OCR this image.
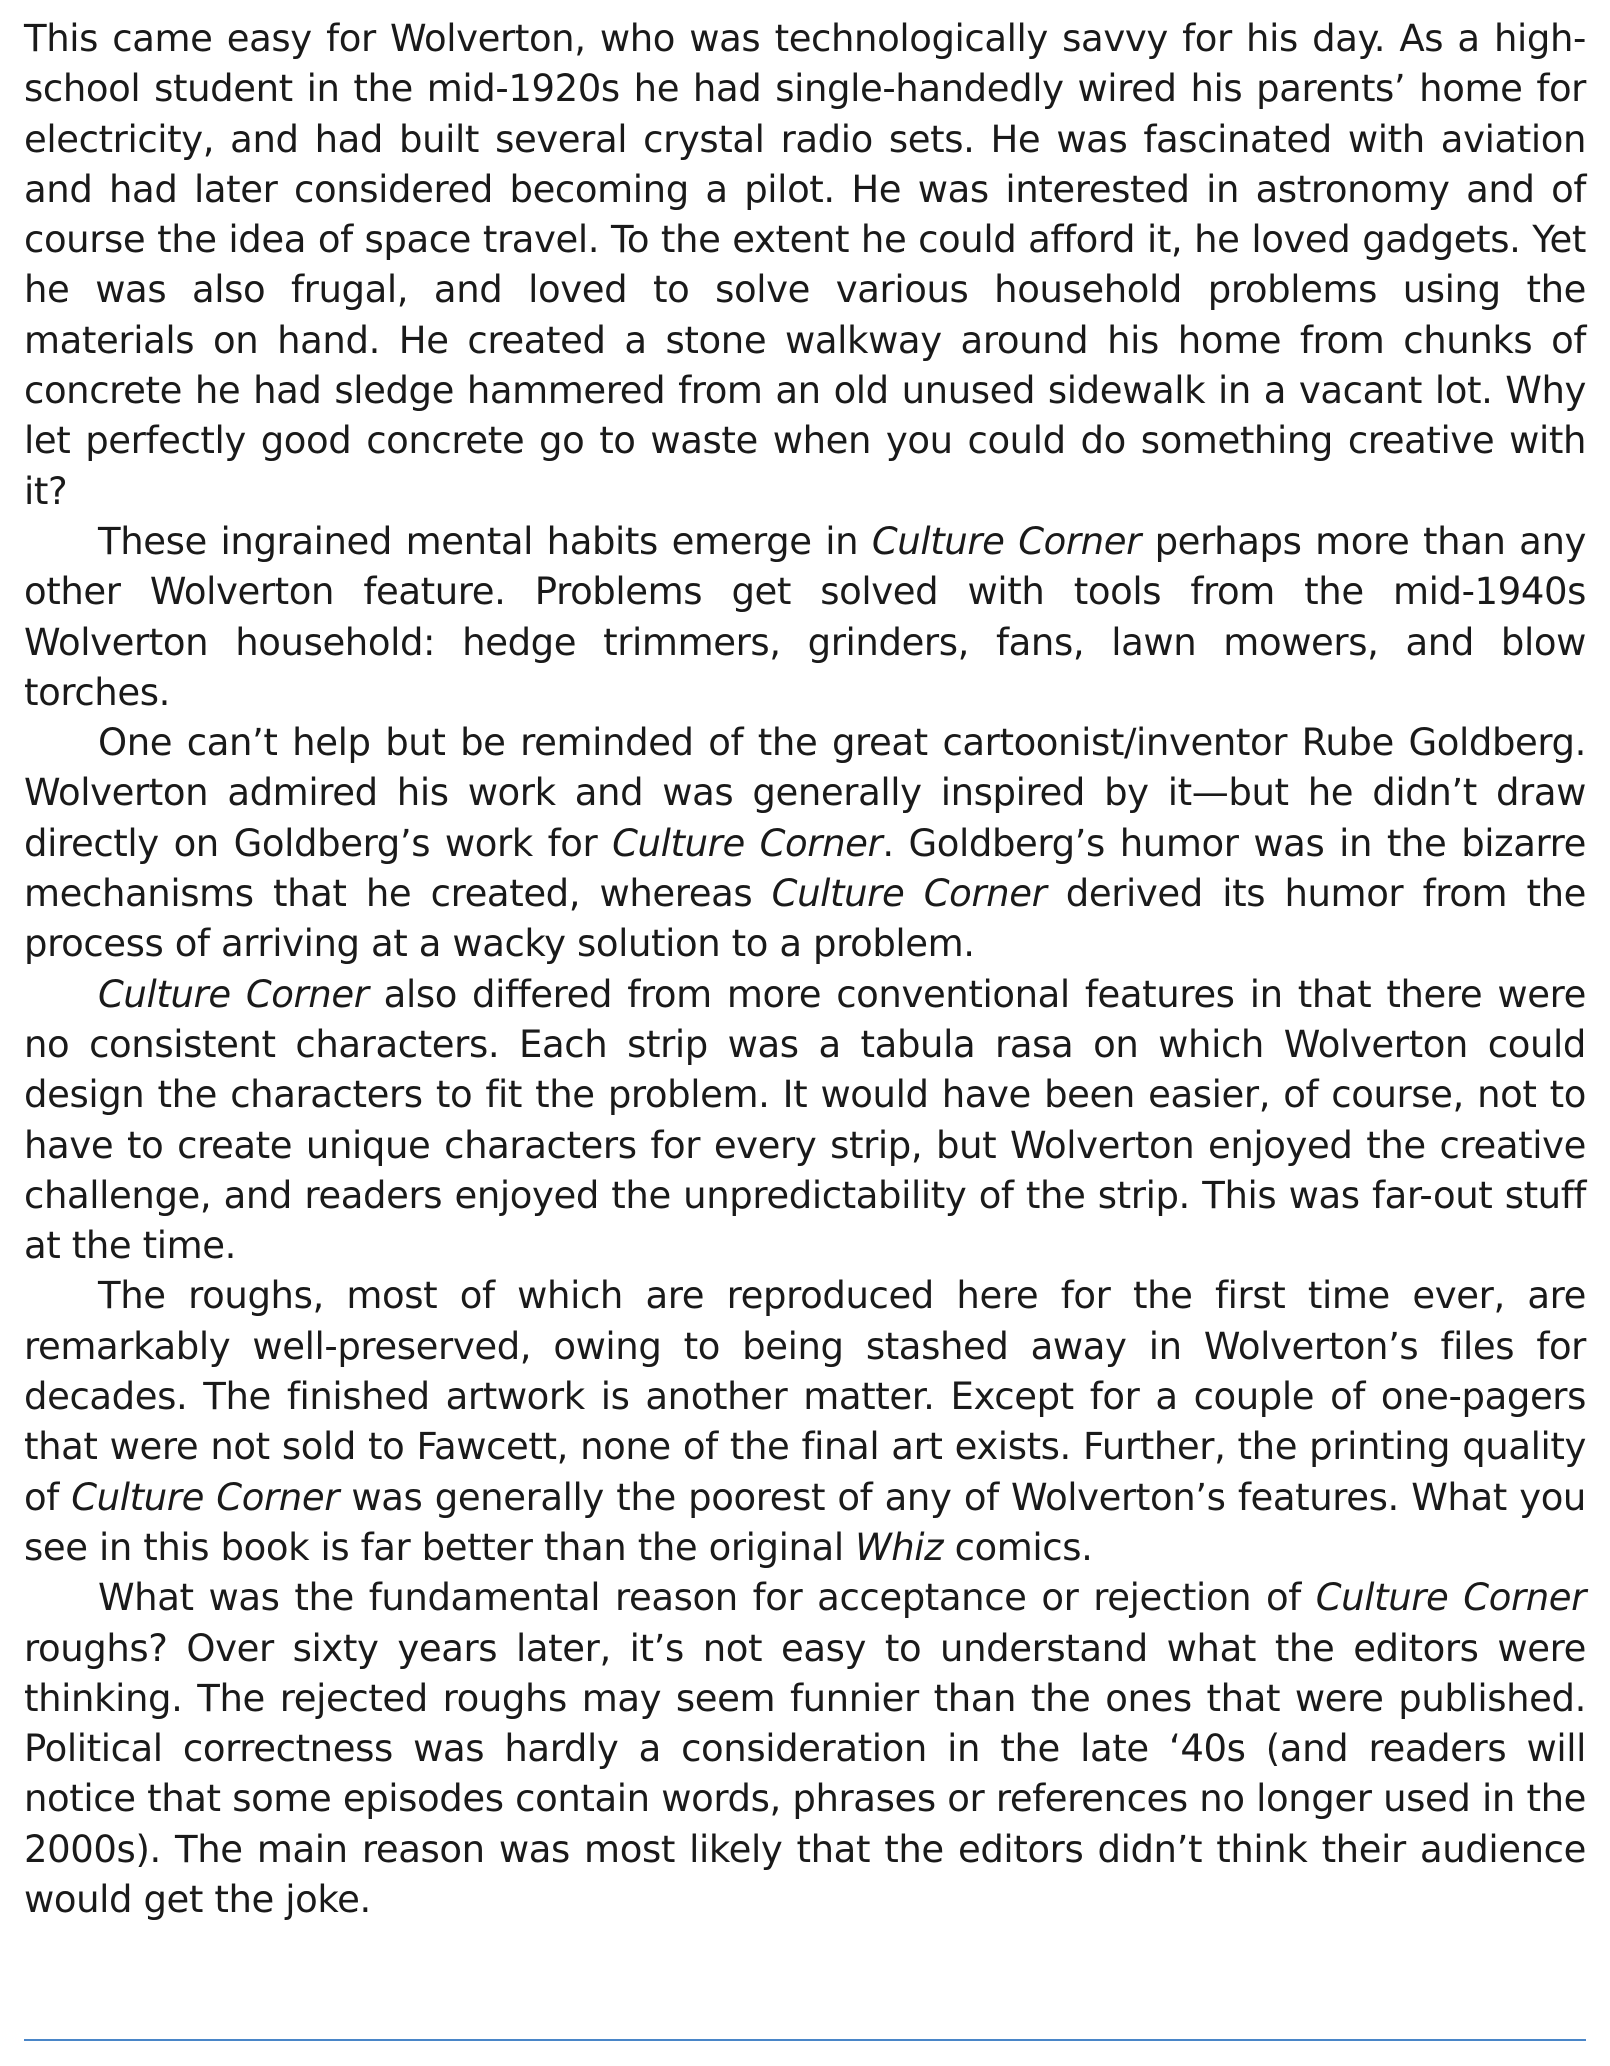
This came easy for Wolverton, who was technologically savvy for his day. As a high-school student in the mid-1920s he had single-handedly wired his parents’ home for electricity, and had built several crystal radio sets. He was fascinated with aviation and had later considered becoming a pilot. He was interested in astronomy and of course the idea of space travel. To the extent he could afford it, he loved gadgets. Yet he was also frugal, and loved to solve various household problems using the materials on hand. He created a stone walkway around his home from chunks of concrete he had sledge hammered from an old unused sidewalk in a vacant lot. Why let perfectly good concrete go to waste when you could do something creative with it?

These ingrained mental habits emerge in Culture Corner perhaps more than any other Wolverton feature. Problems get solved with tools from the mid-1940s Wolverton household: hedge trimmers, grinders, fans, lawn mowers, and blow torches.

One can’t help but be reminded of the great cartoonist/inventor Rube Goldberg. Wolverton admired his work and was generally inspired by it—but he didn’t draw directly on Goldberg’s work for Culture Corner. Goldberg’s humor was in the bizarre mechanisms that he created, whereas Culture Corner derived its humor from the process of arriving at a wacky solution to a problem.

Culture Corner also differed from more conventional features in that there were no consistent characters. Each strip was a tabula rasa on which Wolverton could design the characters to fit the problem. It would have been easier, of course, not to have to create unique characters for every strip, but Wolverton enjoyed the creative challenge, and readers enjoyed the unpredictability of the strip. This was far-out stuff at the time.

The roughs, most of which are reproduced here for the first time ever, are remarkably well-preserved, owing to being stashed away in Wolverton’s files for decades. The finished artwork is another matter. Except for a couple of one-pagers that were not sold to Fawcett, none of the final art exists. Further, the printing quality of Culture Corner was generally the poorest of any of Wolverton’s features. What you see in this book is far better than the original Whiz comics.

What was the fundamental reason for acceptance or rejection of Culture Corner roughs? Over sixty years later, it’s not easy to understand what the editors were thinking. The rejected roughs may seem funnier than the ones that were published. Political correctness was hardly a consideration in the late ‘40s (and readers will notice that some episodes contain words, phrases or references no longer used in the 2000s). The main reason was most likely that the editors didn’t think their audience would get the joke.
